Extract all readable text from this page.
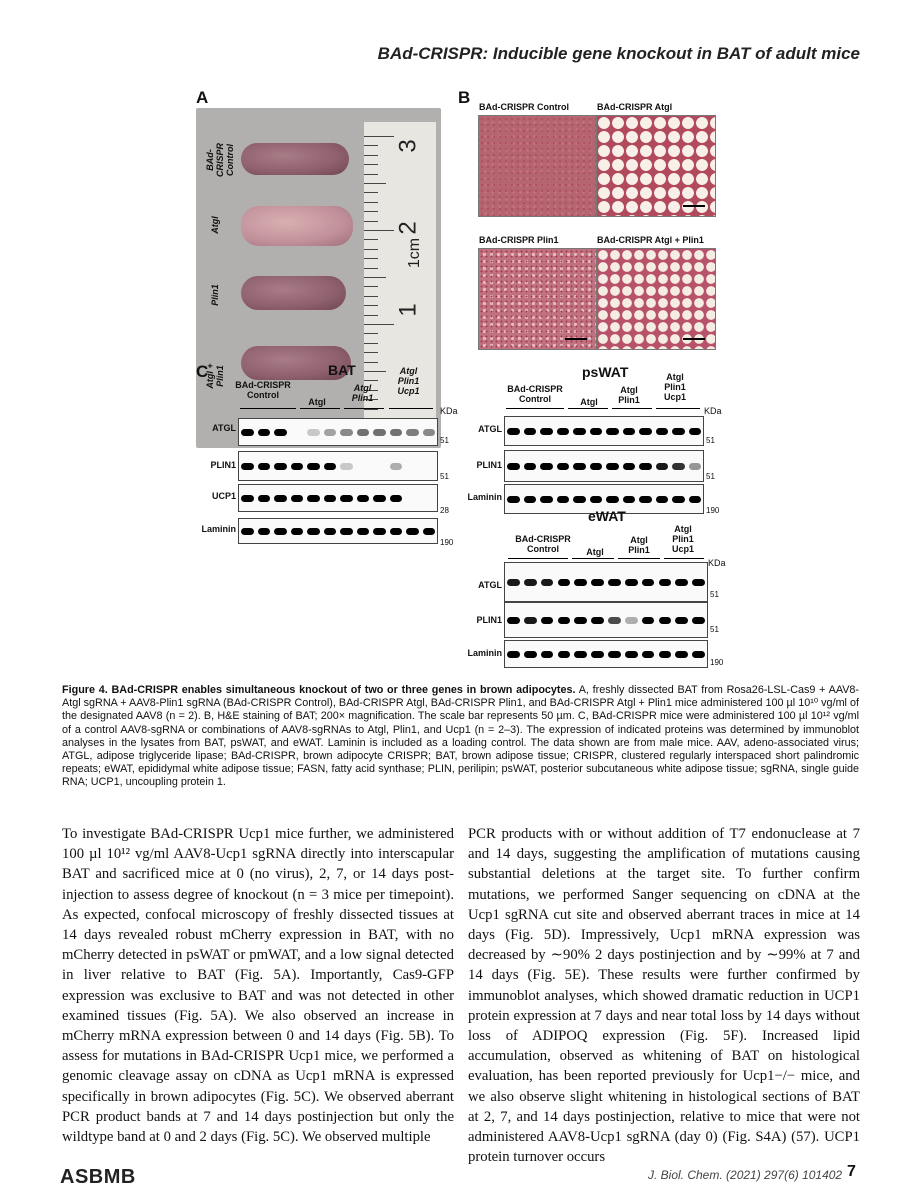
BAd-CRISPR: Inducible gene knockout in BAT of adult mice
A
BAd-CRISPR Control
Atgl
Plin1
Atgl + Plin1
3
2
1
1cm
B BAd-CRISPR Control	BAd-CRISPR Atgl
BAd-CRISPR Plin1	BAd-CRISPR Atgl + Plin1
C	BAT
BAd-CRISPR Control
Atgl
Atgl Plin1
Atgl Plin1 Ucp1
KDa
ATGL
51
PLIN1
51
UCP1
28
Laminin
190
psWAT
BAd-CRISPR Control	Atgl
Atgl Plin1
Atgl Plin1 Ucp1
KDa
ATGL
51
PLIN1
51
Laminin
190
eWAT
BAd-CRISPR Control	Atgl
Atgl Plin1
Atgl Plin1 Ucp1
KDa
ATGL
51
PLIN1
51
Laminin
190
Figure 4. BAd-CRISPR enables simultaneous knockout of two or three genes in brown adipocytes. A, freshly dissected BAT from Rosa26-LSL-Cas9 + AAV8-Atgl sgRNA + AAV8-Plin1 sgRNA (BAd-CRISPR Control), BAd-CRISPR Atgl, BAd-CRISPR Plin1, and BAd-CRISPR Atgl + Plin1 mice administered 100 µl 10¹⁰ vg/ml of the designated AAV8 (n = 2). B, H&E staining of BAT; 200× magnification. The scale bar represents 50 µm. C, BAd-CRISPR mice were administered 100 µl 10¹² vg/ml of a control AAV8-sgRNA or combinations of AAV8-sgRNAs to Atgl, Plin1, and Ucp1 (n = 2–3). The expression of indicated proteins was determined by immunoblot analyses in the lysates from BAT, psWAT, and eWAT. Laminin is included as a loading control. The data shown are from male mice. AAV, adeno-associated virus; ATGL, adipose triglyceride lipase; BAd-CRISPR, brown adipocyte CRISPR; BAT, brown adipose tissue; CRISPR, clustered regularly interspaced short palindromic repeats; eWAT, epididymal white adipose tissue; FASN, fatty acid synthase; PLIN, perilipin; psWAT, posterior subcutaneous white adipose tissue; sgRNA, single guide RNA; UCP1, uncoupling protein 1.
To investigate BAd-CRISPR Ucp1 mice further, we administered 100 µl 10¹² vg/ml AAV8-Ucp1 sgRNA directly into interscapular BAT and sacrificed mice at 0 (no virus), 2, 7, or 14 days post-injection to assess degree of knockout (n = 3 mice per timepoint). As expected, confocal microscopy of freshly dissected tissues at 14 days revealed robust mCherry expression in BAT, with no mCherry detected in psWAT or pmWAT, and a low signal detected in liver relative to BAT (Fig. 5A). Importantly, Cas9-GFP expression was exclusive to BAT and was not detected in other examined tissues (Fig. 5A). We also observed an increase in mCherry mRNA expression between 0 and 14 days (Fig. 5B). To assess for mutations in BAd-CRISPR Ucp1 mice, we performed a genomic cleavage assay on cDNA as Ucp1 mRNA is expressed specifically in brown adipocytes (Fig. 5C). We observed aberrant PCR product bands at 7 and 14 days postinjection but only the wildtype band at 0 and 2 days (Fig. 5C). We observed multiple
PCR products with or without addition of T7 endonuclease at 7 and 14 days, suggesting the amplification of mutations causing substantial deletions at the target site. To further confirm mutations, we performed Sanger sequencing on cDNA at the Ucp1 sgRNA cut site and observed aberrant traces in mice at 14 days (Fig. 5D). Impressively, Ucp1 mRNA expression was decreased by ∼90% 2 days postinjection and by ∼99% at 7 and 14 days (Fig. 5E). These results were further confirmed by immunoblot analyses, which showed dramatic reduction in UCP1 protein expression at 7 days and near total loss by 14 days without loss of ADIPOQ expression (Fig. 5F). Increased lipid accumulation, observed as whitening of BAT on histological evaluation, has been reported previously for Ucp1−/− mice, and we also observe slight whitening in histological sections of BAT at 2, 7, and 14 days postinjection, relative to mice that were not administered AAV8-Ucp1 sgRNA (day 0) (Fig. S4A) (57). UCP1 protein turnover occurs
ASBMB	J. Biol. Chem. (2021) 297(6) 101402 7
